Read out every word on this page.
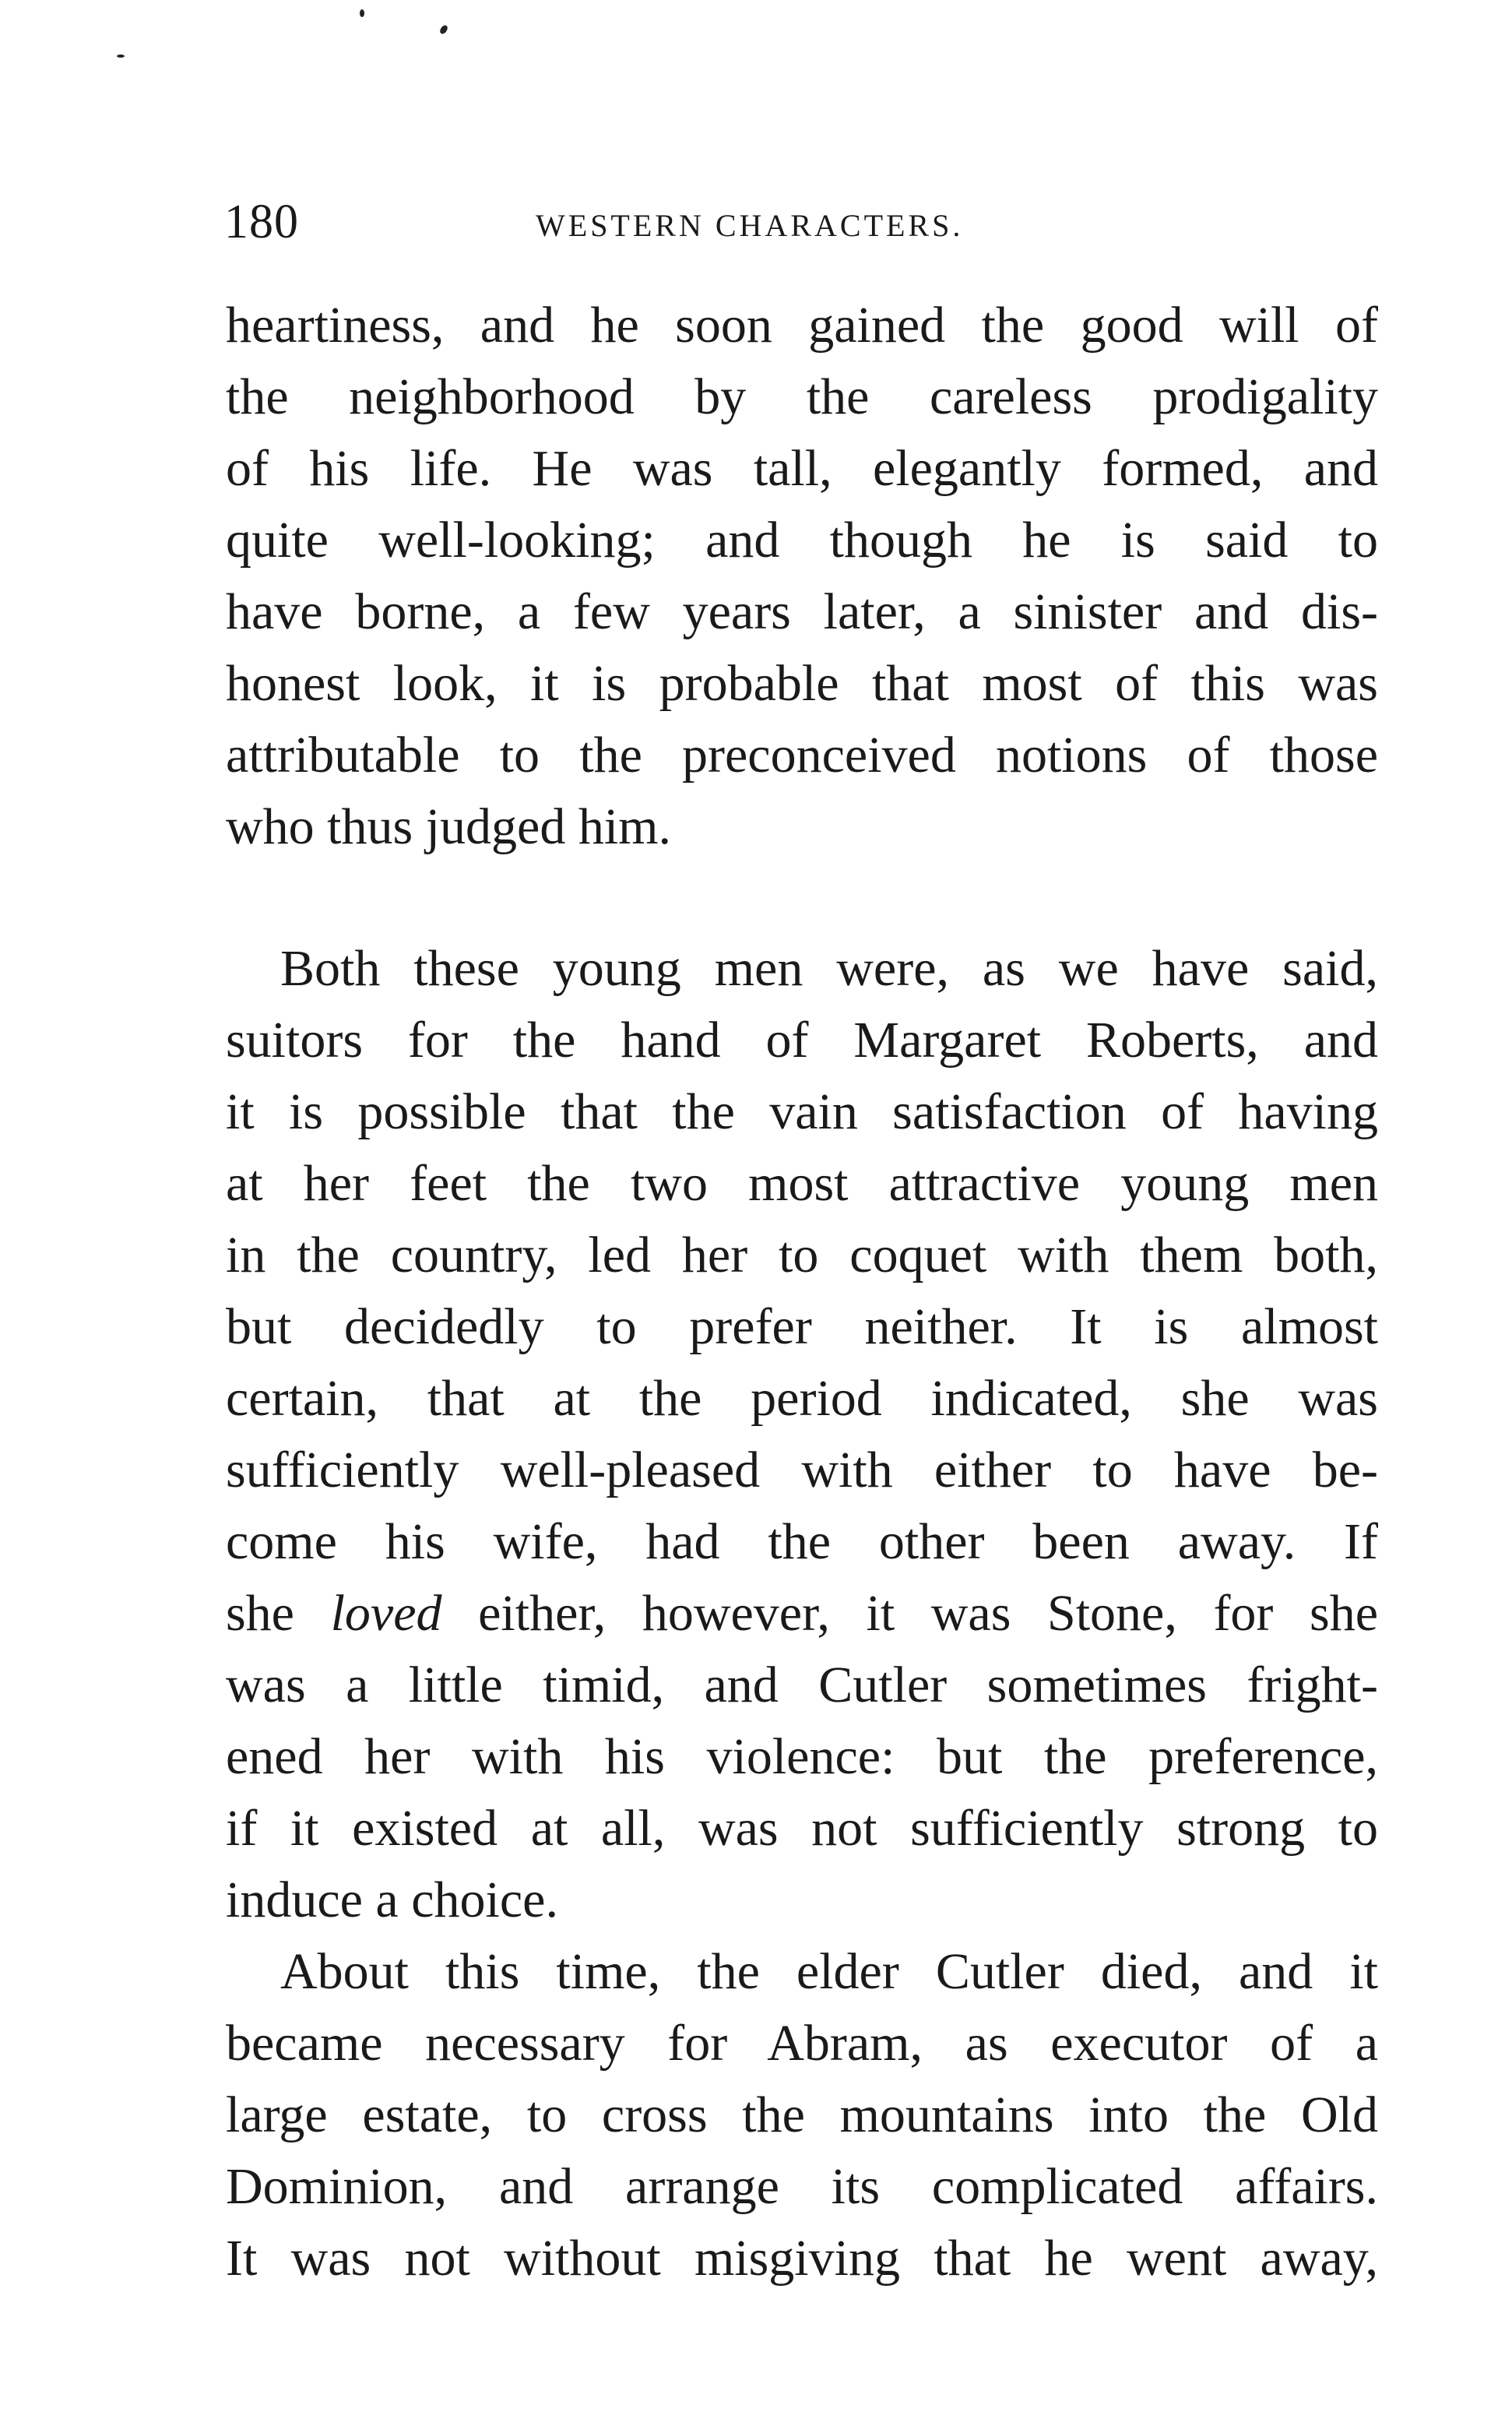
180	WESTERN CHARACTERS.
heartiness, and he soon gained the good will of
the neighborhood by the careless prodigality
of his life. He was tall, elegantly formed, and
quite well-looking; and though he is said to
have borne, a few years later, a sinister and dis-
honest look, it is probable that most of this was
attributable to the preconceived notions of those
who thus judged him.
Both these young men were, as we have said,
suitors for the hand of Margaret Roberts, and
it is possible that the vain satisfaction of having
at her feet the two most attractive young men
in the country, led her to coquet with them both,
but decidedly to prefer neither. It is almost
certain, that at the period indicated, she was
sufficiently well-pleased with either to have be-
come his wife, had the other been away. If
she loved either, however, it was Stone, for she
was a little timid, and Cutler sometimes fright-
ened her with his violence: but the preference,
if it existed at all, was not sufficiently strong to
induce a choice.
About this time, the elder Cutler died, and it
became necessary for Abram, as executor of a
large estate, to cross the mountains into the Old
Dominion, and arrange its complicated affairs.
It was not without misgiving that he went away,
